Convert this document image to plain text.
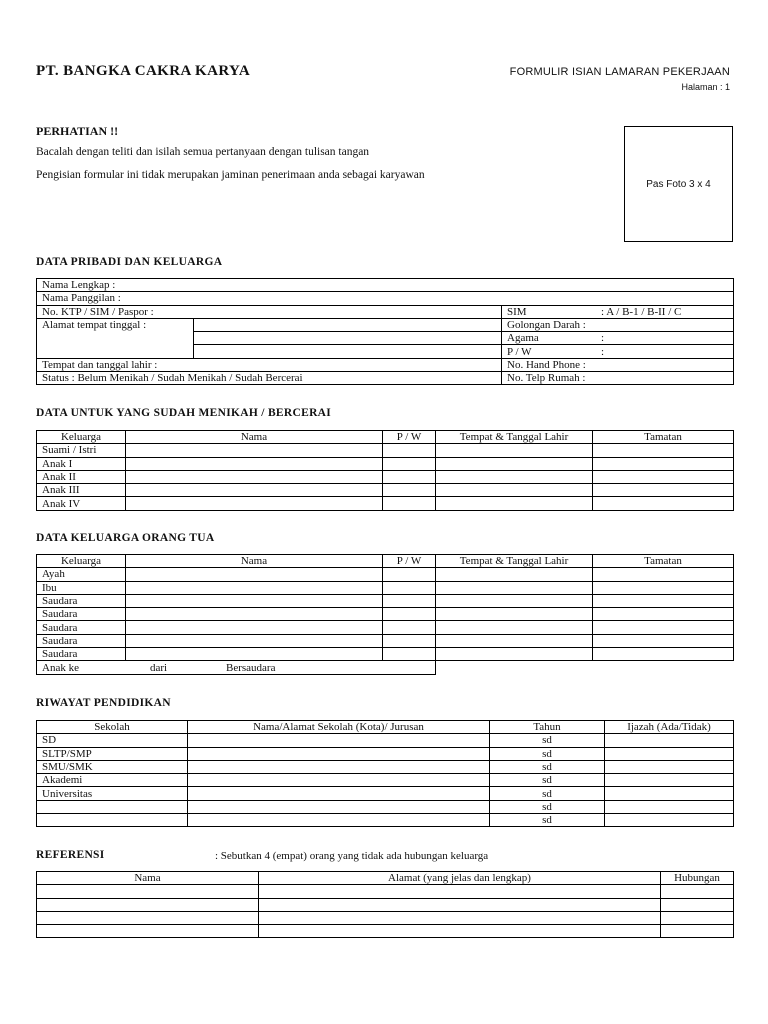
PT. BANGKA CAKRA KARYA	FORMULIR ISIAN LAMARAN PEKERJAAN
Halaman : 1
PERHATIAN !!
Bacalah dengan teliti dan isilah semua pertanyaan dengan tulisan tangan
Pengisian formular ini tidak merupakan jaminan penerimaan anda sebagai karyawan
Pas Foto 3 x 4
DATA PRIBADI DAN KELUARGA
Nama Lengkap :		
Nama Panggilan :		
No. KTP / SIM / Paspor :		SIM : A / B-1 / B-II / C
Alamat tempat tinggal :		Golongan Darah :
		Agama :
		P / W :
Tempat dan tanggal lahir :		No. Hand Phone :
Status : Belum Menikah / Sudah Menikah / Sudah Bercerai		No. Telp Rumah :
DATA UNTUK YANG SUDAH MENIKAH / BERCERAI
Keluarga	Nama	P / W	Tempat & Tanggal Lahir	Tamatan
Suami / Istri				
Anak I				
Anak II				
Anak III				
Anak IV				
DATA KELUARGA ORANG TUA
Keluarga	Nama	P / W	Tempat & Tanggal Lahir	Tamatan
Ayah				
Ibu				
Saudara				
Saudara				
Saudara				
Saudara				
Saudara				
Anak ke dari Bersaudara				
RIWAYAT PENDIDIKAN
Sekolah	Nama/Alamat Sekolah (Kota)/ Jurusan	Tahun	Ijazah (Ada/Tidak)
SD		sd	
SLTP/SMP		sd	
SMU/SMK		sd	
Akademi		sd	
Universitas		sd	
		sd	
		sd	
REFERENSI	: Sebutkan 4 (empat) orang yang tidak ada hubungan keluarga
Nama	Alamat (yang jelas dan lengkap)	Hubungan
